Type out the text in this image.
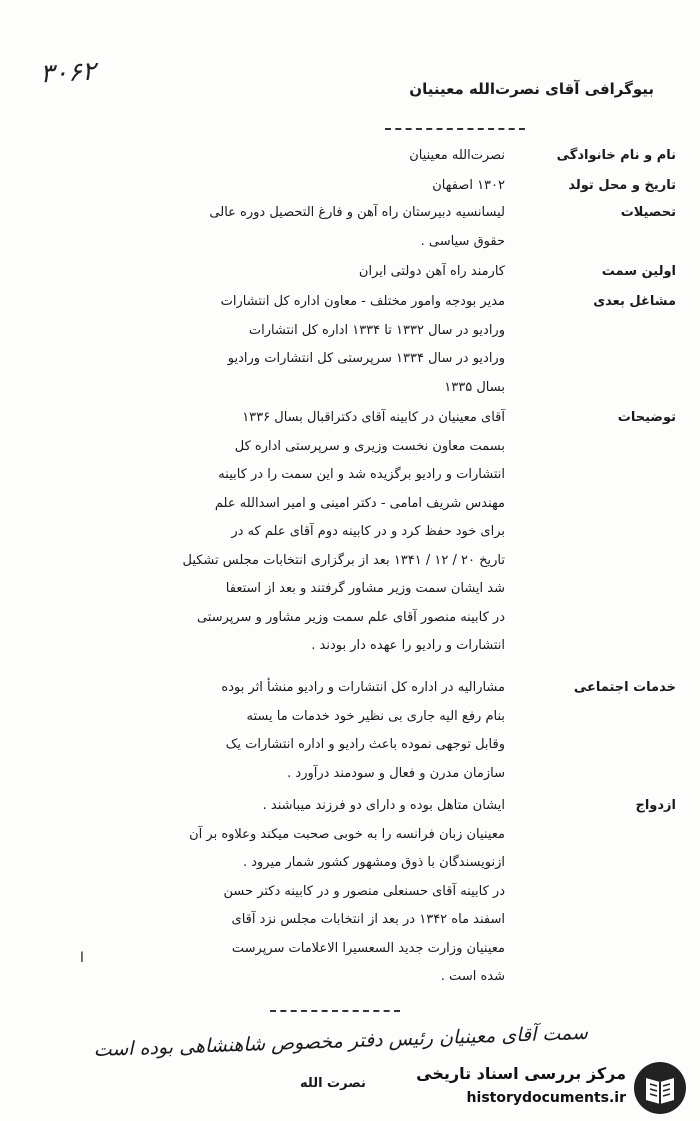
۳۰۶۲	بیوگرافی آقای نصرت‌الله معینیان
نام و نام خانوادگی
نصرت‌الله معینیان
تاریخ و محل تولد
۱۳۰۲ اصفهان
تحصیلات
لیسانسیه دبیرستان راه آهن و فارغ التحصیل دوره عالی
حقوق سیاسی .
اولین سمت
کارمند راه آهن دولتی ایران
مشاغل بعدی
مدیر بودجه وامور مختلف - معاون اداره کل انتشارات
ورادیو در سال ۱۳۳۲ تا ۱۳۳۴ اداره کل انتشارات
ورادیو در سال ۱۳۳۴ سرپرستی کل انتشارات ورادیو
بسال ۱۳۳۵
توضیحات
آقای معینیان در کابینه آقای دکتراقبال بسال ۱۳۳۶
بسمت معاون نخست وزیری و سرپرستی اداره کل
انتشارات و رادیو برگزیده شد و این سمت را در کابینه
مهندس شریف امامی - دکتر امینی و امیر اسدالله علم
برای خود حفظ کرد و در کابینه دوم آقای علم که در
تاریخ ۲۰ / ۱۲ / ۱۳۴۱ بعد از برگزاری انتخابات مجلس تشکیل
شد ایشان سمت وزیر مشاور گرفتند و بعد از استعفا
در کابینه منصور آقای علم سمت وزیر مشاور و سرپرستی
انتشارات و رادیو را عهده دار بودند .
خدمات اجتماعی
مشارالیه در اداره کل انتشارات و رادیو منشأ اثر بوده
بنام رفع الیه جاری بی نظیر خود خدمات ما یسته
وقابل توجهی نموده باعث رادیو و اداره انتشارات یک
سازمان مدرن و فعال و سودمند درآورد .
ازدواج
ایشان متاهل بوده و دارای دو فرزند میباشند .
معینیان زبان فرانسه را به خوبی صحبت میکند وعلاوه بر آن
ازنویسندگان با ذوق ومشهور کشور شمار میرود .
در کابینه آقای حسنعلی منصور و در کابینه دکتر حسن
اسفند ماه ۱۳۴۲ در بعد از انتخابات مجلس نزد آقای
معینیان وزارت جدید السعسیرا الاعلامات سرپرست
شده است .
ا
سمت آقای معینیان رئیس دفتر مخصوص شاهنشاهی بوده است
نصرت الله
مرکز بررسی اسناد تاریخی
historydocuments.ir
